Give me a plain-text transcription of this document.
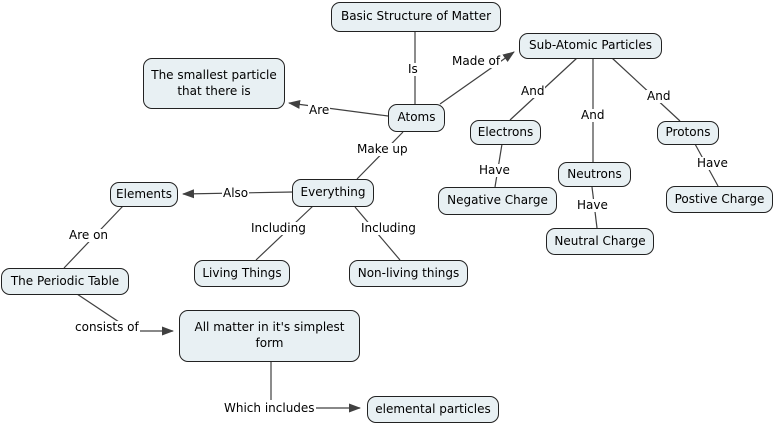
Basic Structure of Matter
Sub-Atomic Particles
The smallest particle that there is
Atoms
Electrons
Neutrons
Protons
Negative Charge
Neutral Charge
Postive Charge
Elements	Everything
Living Things	Non-living things
The Periodic Table
All matter in it's simplest form
elemental particles
Is
Made of
Are
Make up
Also
Including	Including
Are on
consists of
Which includes
And
And
And
Have
Have
Have
